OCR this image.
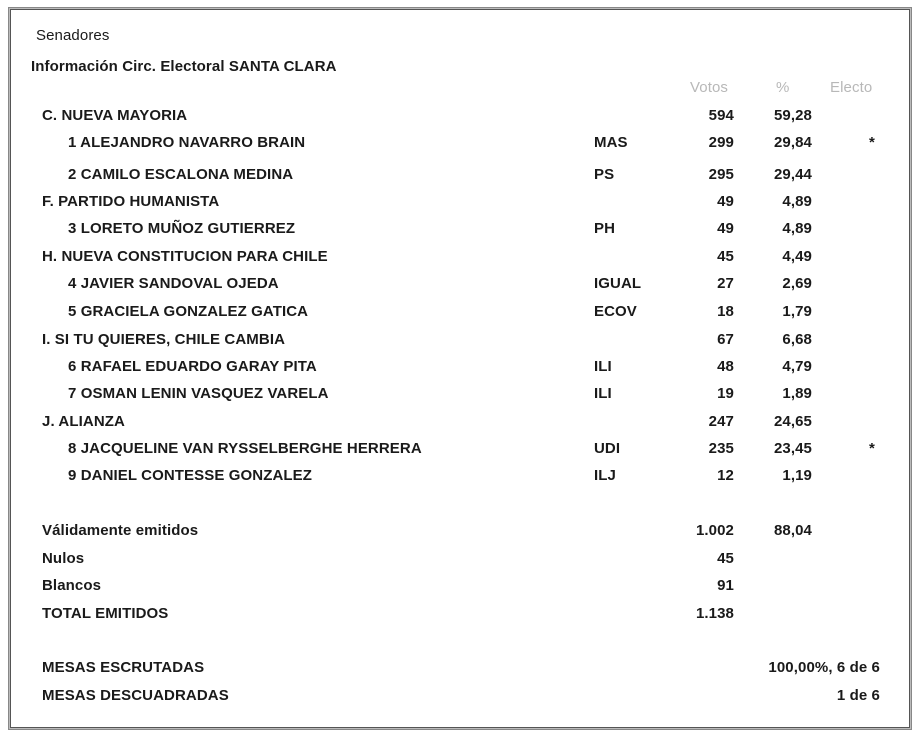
Senadores
Información Circ. Electoral SANTA CLARA
Votos	%	Electo
C. NUEVA MAYORIA	594	59,28
1 ALEJANDRO NAVARRO BRAIN	MAS	299	29,84	*
2 CAMILO ESCALONA MEDINA	PS	295	29,44
F. PARTIDO HUMANISTA	49	4,89
3 LORETO MUÑOZ GUTIERREZ	PH	49	4,89
H. NUEVA CONSTITUCION PARA CHILE	45	4,49
4 JAVIER SANDOVAL OJEDA	IGUAL	27	2,69
5 GRACIELA GONZALEZ GATICA	ECOV	18	1,79
I. SI TU QUIERES, CHILE CAMBIA	67	6,68
6 RAFAEL EDUARDO GARAY PITA	ILI	48	4,79
7 OSMAN LENIN VASQUEZ VARELA	ILI	19	1,89
J. ALIANZA	247	24,65
8 JACQUELINE VAN RYSSELBERGHE HERRERA	UDI	235	23,45	*
9 DANIEL CONTESSE GONZALEZ	ILJ	12	1,19
Válidamente emitidos	1.002	88,04
Nulos	45
Blancos	91
TOTAL EMITIDOS	1.138
MESAS ESCRUTADAS	100,00%, 6 de 6
MESAS DESCUADRADAS	1 de 6
